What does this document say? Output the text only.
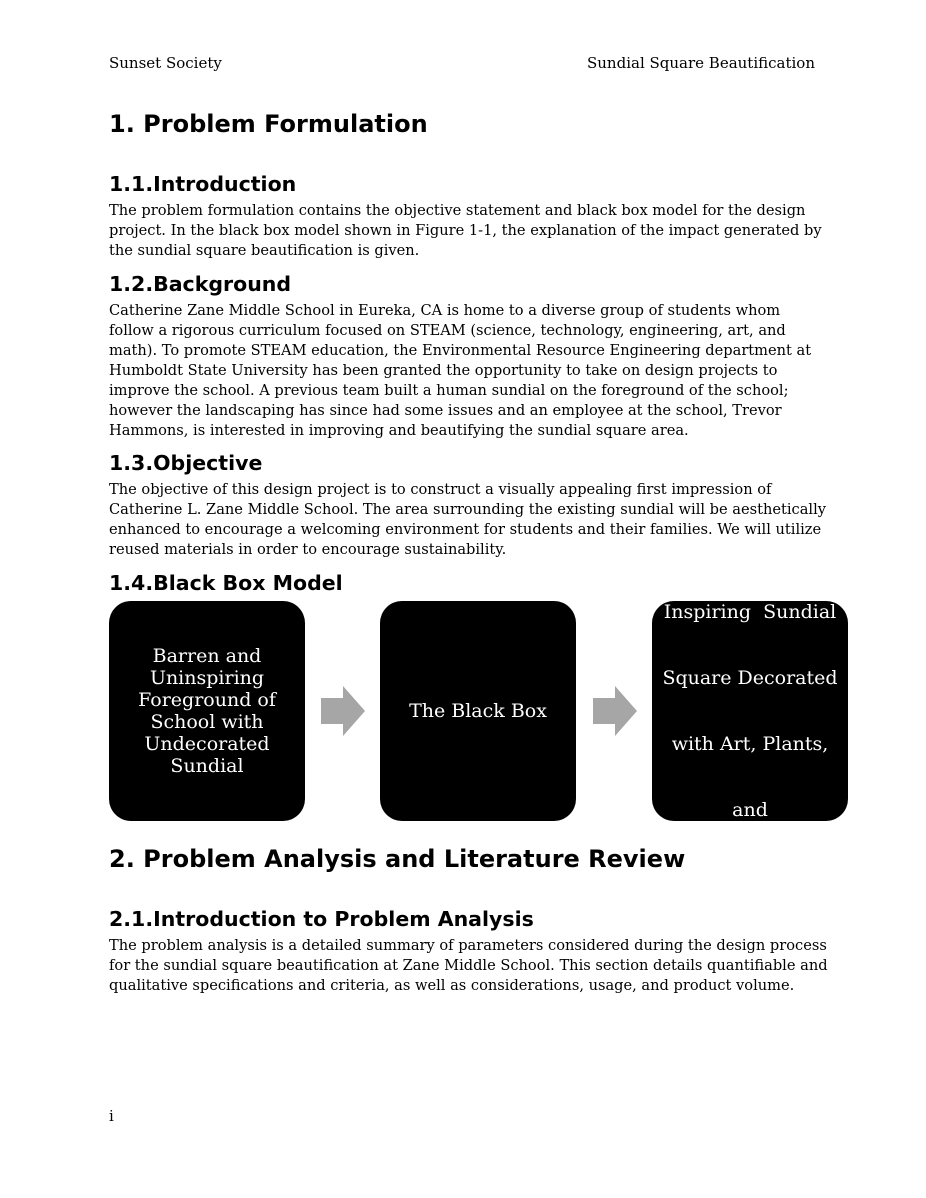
Sunset Society	Sundial Square Beautification
1. Problem Formulation
1.1.Introduction
The problem formulation contains the objective statement and black box model for the design
project. In the black box model shown in Figure 1-1, the explanation of the impact generated by
the sundial square beautification is given.
1.2.Background
Catherine Zane Middle School in Eureka, CA is home to a diverse group of students whom
follow a rigorous curriculum focused on STEAM (science, technology, engineering, art, and
math). To promote STEAM education, the Environmental Resource Engineering department at
Humboldt State University has been granted the opportunity to take on design projects to
improve the school. A previous team built a human sundial on the foreground of the school;
however the landscaping has since had some issues and an employee at the school, Trevor
Hammons, is interested in improving and beautifying the sundial square area.
1.3.Objective
The objective of this design project is to construct a visually appealing first impression of
Catherine L. Zane Middle School. The area surrounding the existing sundial will be aesthetically
enhanced to encourage a welcoming environment for students and their families. We will utilize
reused materials in order to encourage sustainability.
1.4.Black Box Model
Barren and
Uninspiring
Foreground of
School with
Undecorated
Sundial
The Black Box

Beautiful,

Inspiring  Sundial

Square Decorated

with Art, Plants,

and

Landsacaping

2. Problem Analysis and Literature Review
2.1.Introduction to Problem Analysis
The problem analysis is a detailed summary of parameters considered during the design process
for the sundial square beautification at Zane Middle School. This section details quantifiable and
qualitative specifications and criteria, as well as considerations, usage, and product volume.
i
